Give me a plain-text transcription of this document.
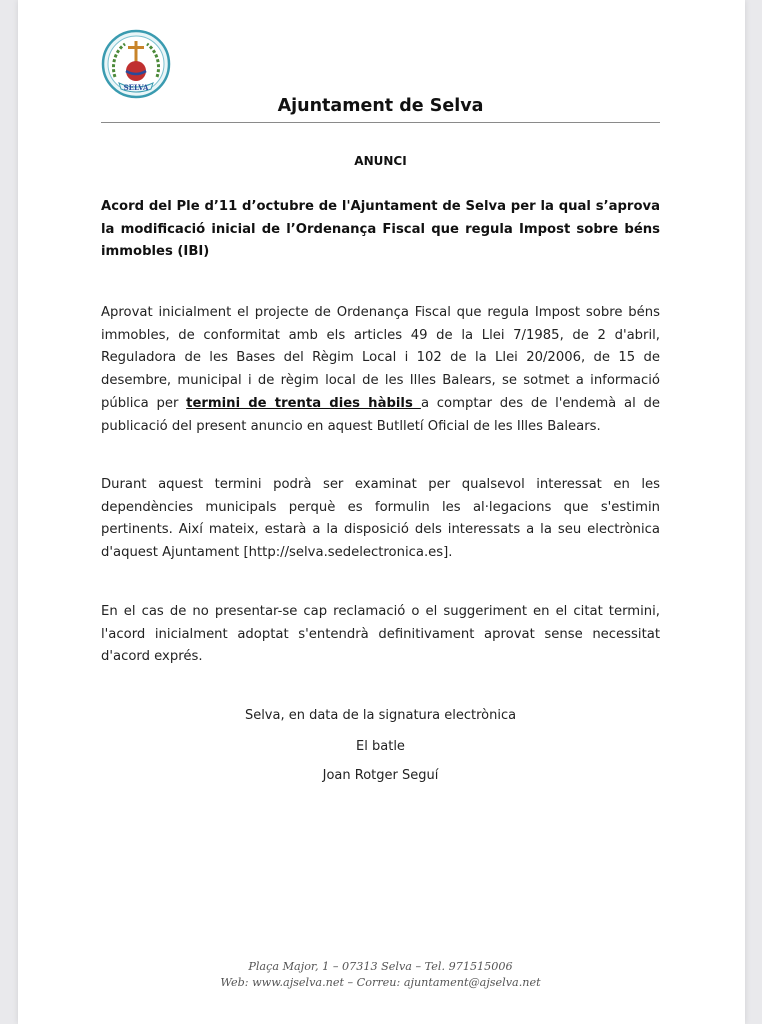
SELVA
Ajuntament de Selva
ANUNCI
Acord del Ple d’11 d’octubre de l'Ajuntament de Selva per la qual s’aprova la modificació inicial de l’Ordenança Fiscal que regula Impost sobre béns immobles (IBI)
Aprovat inicialment el projecte de Ordenança Fiscal que regula Impost sobre béns immobles, de conformitat amb els articles 49 de la Llei 7/1985, de 2 d'abril, Reguladora de les Bases del Règim Local i 102 de la Llei 20/2006, de 15 de desembre, municipal i de règim local de les Illes Balears, se sotmet a informació pública per termini de trenta dies hàbils a comptar des de l'endemà al de publicació del present anuncio en aquest Butlletí Oficial de les Illes Balears.
Durant aquest termini podrà ser examinat per qualsevol interessat en les dependències municipals perquè es formulin les al·legacions que s'estimin pertinents. Així mateix, estarà a la disposició dels interessats a la seu electrònica d'aquest Ajuntament [http://selva.sedelectronica.es].
En el cas de no presentar-se cap reclamació o el suggeriment en el citat termini, l'acord inicialment adoptat s'entendrà definitivament aprovat sense necessitat d'acord exprés.
Selva, en data de la signatura electrònica
El batle
Joan Rotger Seguí
Plaça Major, 1 – 07313 Selva – Tel. 971515006
Web: www.ajselva.net – Correu: ajuntament@ajselva.net
